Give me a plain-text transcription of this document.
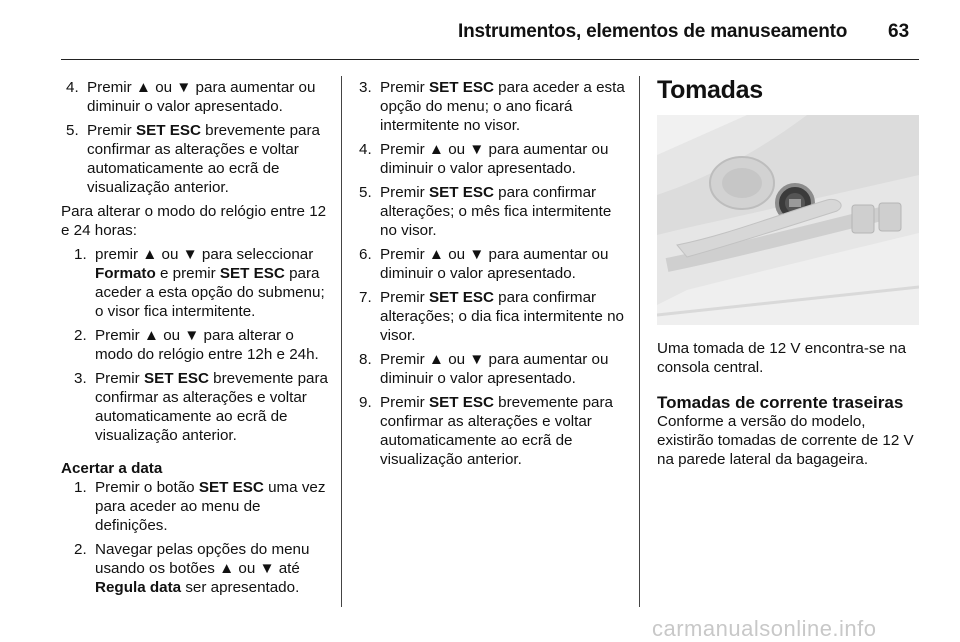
Instrumentos, elementos de manuseamento 63
4. Premir ▲ ou ▼ para aumentar ou diminuir o valor apresentado.
5. Premir SET ESC brevemente para confirmar as alterações e voltar automaticamente ao ecrã de visualização anterior.

Para alterar o modo do relógio entre 12 e 24 horas:

1. premir ▲ ou ▼ para seleccionar Formato e premir SET ESC para aceder a esta opção do submenu; o visor fica intermitente.
2. Premir ▲ ou ▼ para alterar o modo do relógio entre 12h e 24h.
3. Premir SET ESC brevemente para confirmar as alterações e voltar automaticamente ao ecrã de visualização anterior.
Acertar a data
1. Premir o botão SET ESC uma vez para aceder ao menu de definições.
2. Navegar pelas opções do menu usando os botões ▲ ou ▼ até Regula data ser apresentado.
3. Premir SET ESC para aceder a esta opção do menu; o ano ficará intermitente no visor.
4. Premir ▲ ou ▼ para aumentar ou diminuir o valor apresentado.
5. Premir SET ESC para confirmar alterações; o mês fica intermitente no visor.
6. Premir ▲ ou ▼ para aumentar ou diminuir o valor apresentado.
7. Premir SET ESC para confirmar alterações; o dia fica intermitente no visor.
8. Premir ▲ ou ▼ para aumentar ou diminuir o valor apresentado.
9. Premir SET ESC brevemente para confirmar as alterações e voltar automaticamente ao ecrã de visualização anterior.
Tomadas

Uma tomada de 12 V encontra-se na consola central.

Tomadas de corrente traseiras

Conforme a versão do modelo, existirão tomadas de corrente de 12 V na parede lateral da bagageira.

carmanualsonline.info
